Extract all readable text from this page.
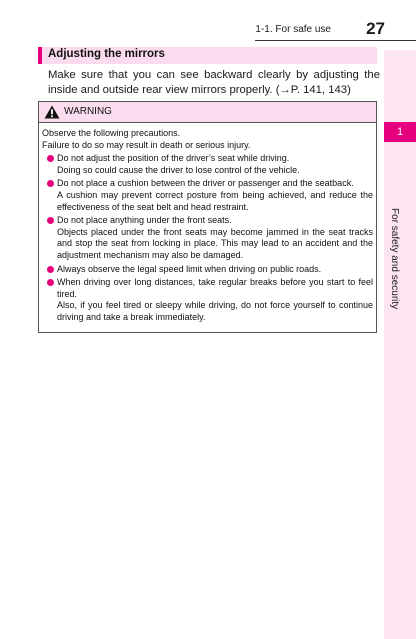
1-1. For safe use 27
1
For safety and security
Adjusting the mirrors
Make sure that you can see backward clearly by adjusting the inside and outside rear view mirrors properly. (→P. 141, 143)
WARNING

Observe the following precautions.

Failure to do so may result in death or serious injury.

Do not adjust the position of the driver’s seat while driving.
Doing so could cause the driver to lose control of the vehicle.
Do not place a cushion between the driver or passenger and the seatback.
A cushion may prevent correct posture from being achieved, and reduce the effectiveness of the seat belt and head restraint.
Do not place anything under the front seats.
Objects placed under the front seats may become jammed in the seat tracks and stop the seat from locking in place. This may lead to an accident and the adjustment mechanism may also be damaged.
Always observe the legal speed limit when driving on public roads.
When driving over long distances, take regular breaks before you start to feel tired.
Also, if you feel tired or sleepy while driving, do not force yourself to continue driving and take a break immediately.
